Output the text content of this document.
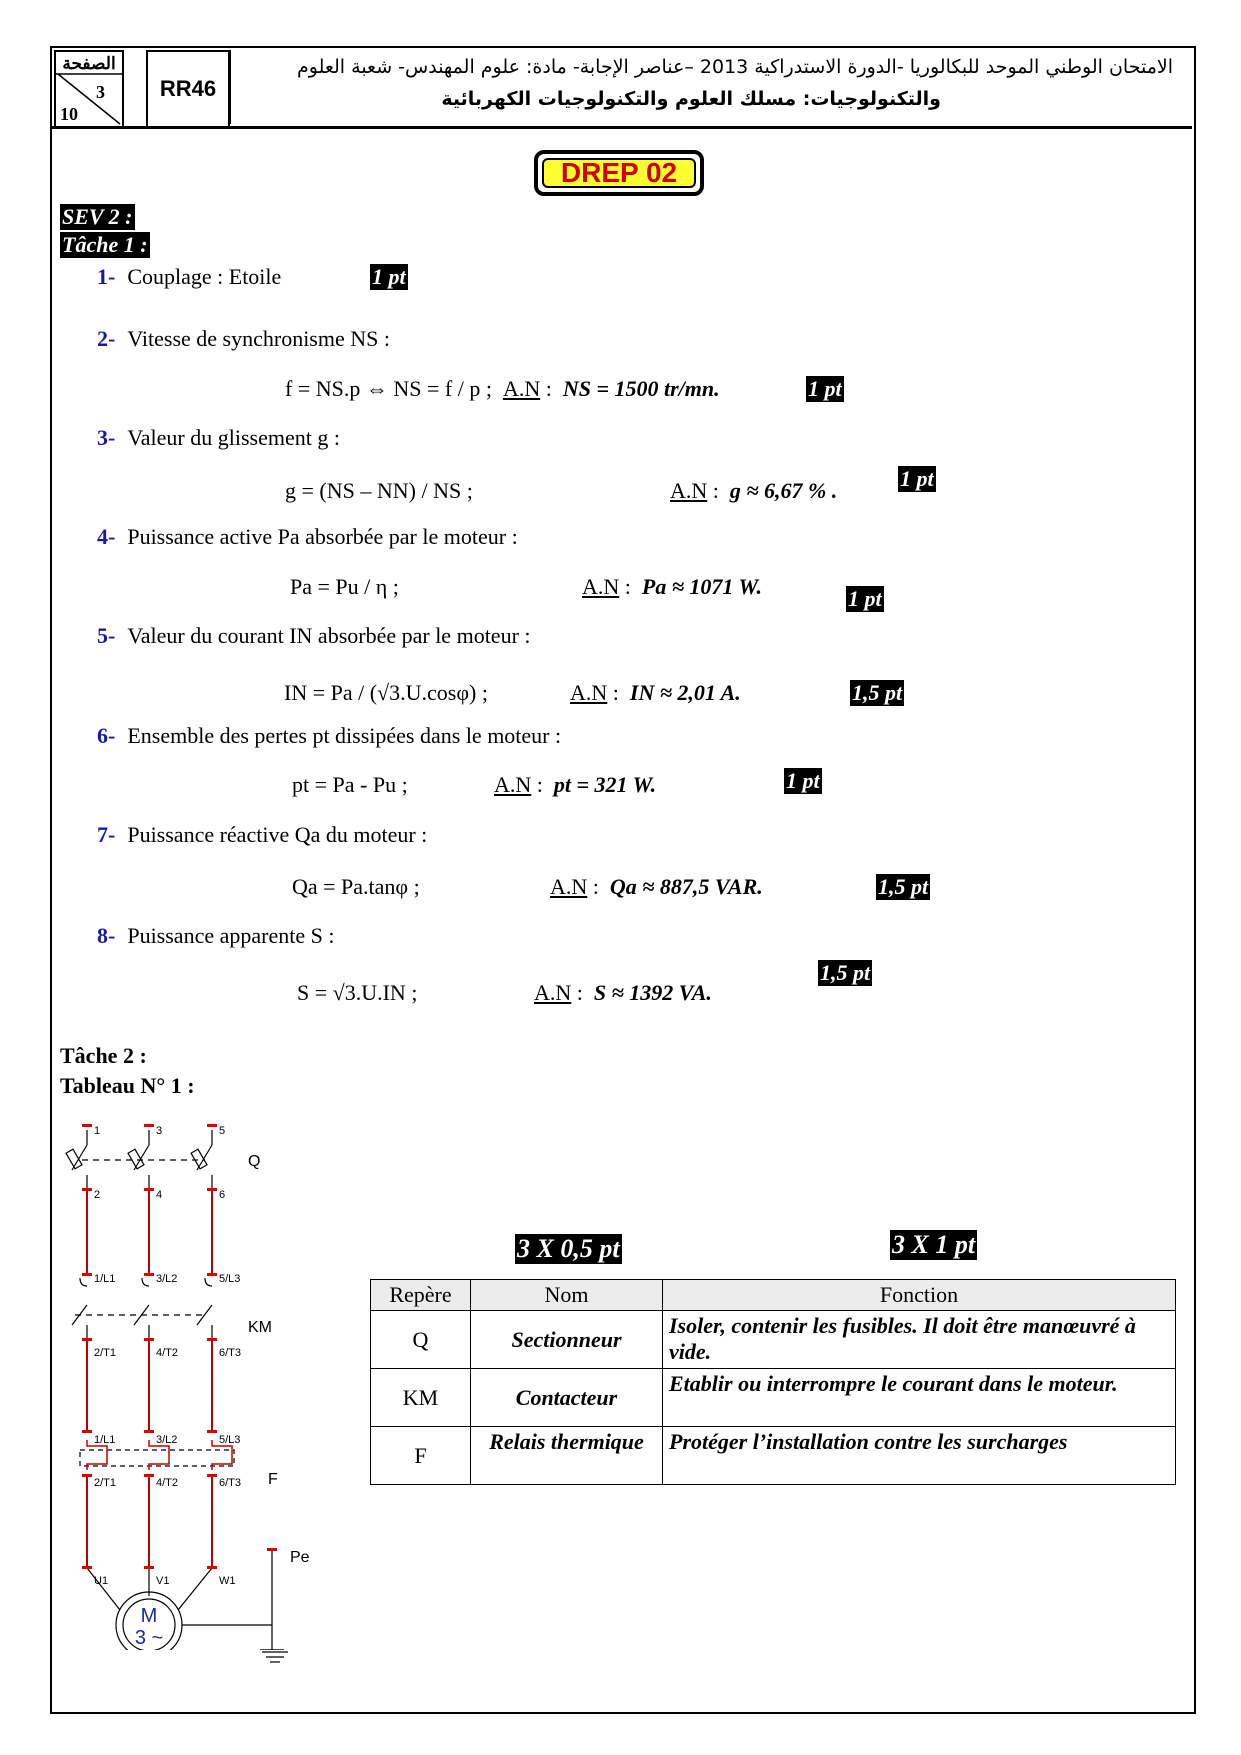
الصفحة
3
10
RR46
الامتحان الوطني الموحد للبكالوريا -الدورة الاستدراكية 2013 –عناصر الإجابة- مادة: علوم المهندس- شعبة العلوم
والتكنولوجيات: مسلك العلوم والتكنولوجيات الكهربائية
DREP 02
SEV 2 :
Tâche 1 :
1- Couplage : Etoile	1 pt
2- Vitesse de synchronisme NS :
f = NS.p ⇔ NS = f / p ; A.N :  NS = 1500 tr/mn.	1 pt
3- Valeur du glissement g :
g = (NS – NN) / NS ;	A.N :  g ≈ 6,67 % .	1 pt
4- Puissance active Pa absorbée par le moteur :
Pa = Pu / η ;	A.N :  Pa ≈ 1071 W.	1 pt
5- Valeur du courant IN absorbée par le moteur :
IN = Pa / (√3.U.cosφ) ;	A.N :  IN ≈ 2,01 A.	1,5 pt
6- Ensemble des pertes pt dissipées dans le moteur :
pt = Pa - Pu ;	A.N :  pt = 321 W.	1 pt
7- Puissance réactive Qa du moteur :
Qa = Pa.tanφ ;	A.N :  Qa ≈ 887,5 VAR.	1,5 pt
8- Puissance apparente S :
S = √3.U.IN ;	A.N :  S ≈ 1392 VA.
1,5 pt
Tâche 2 :
Tableau N° 1 :
3 X 0,5 pt	3 X 1 pt
Repère	Nom	Fonction
Q	Sectionneur	Isoler, contenir les fusibles. Il doit être manœuvré à vide.
KM	Contacteur	Etablir ou interrompre le courant dans le moteur.
F	Relais thermique	Protéger l’installation contre les surcharges
1	3	5
2	4	6
1/L1	3/L2	5/L3
2/T1	4/T2	6/T3
1/L1	3/L2	5/L3
2/T1	4/T2	6/T3
U1	V1	W1
Q
KM
F
Pe
M
3 ~
